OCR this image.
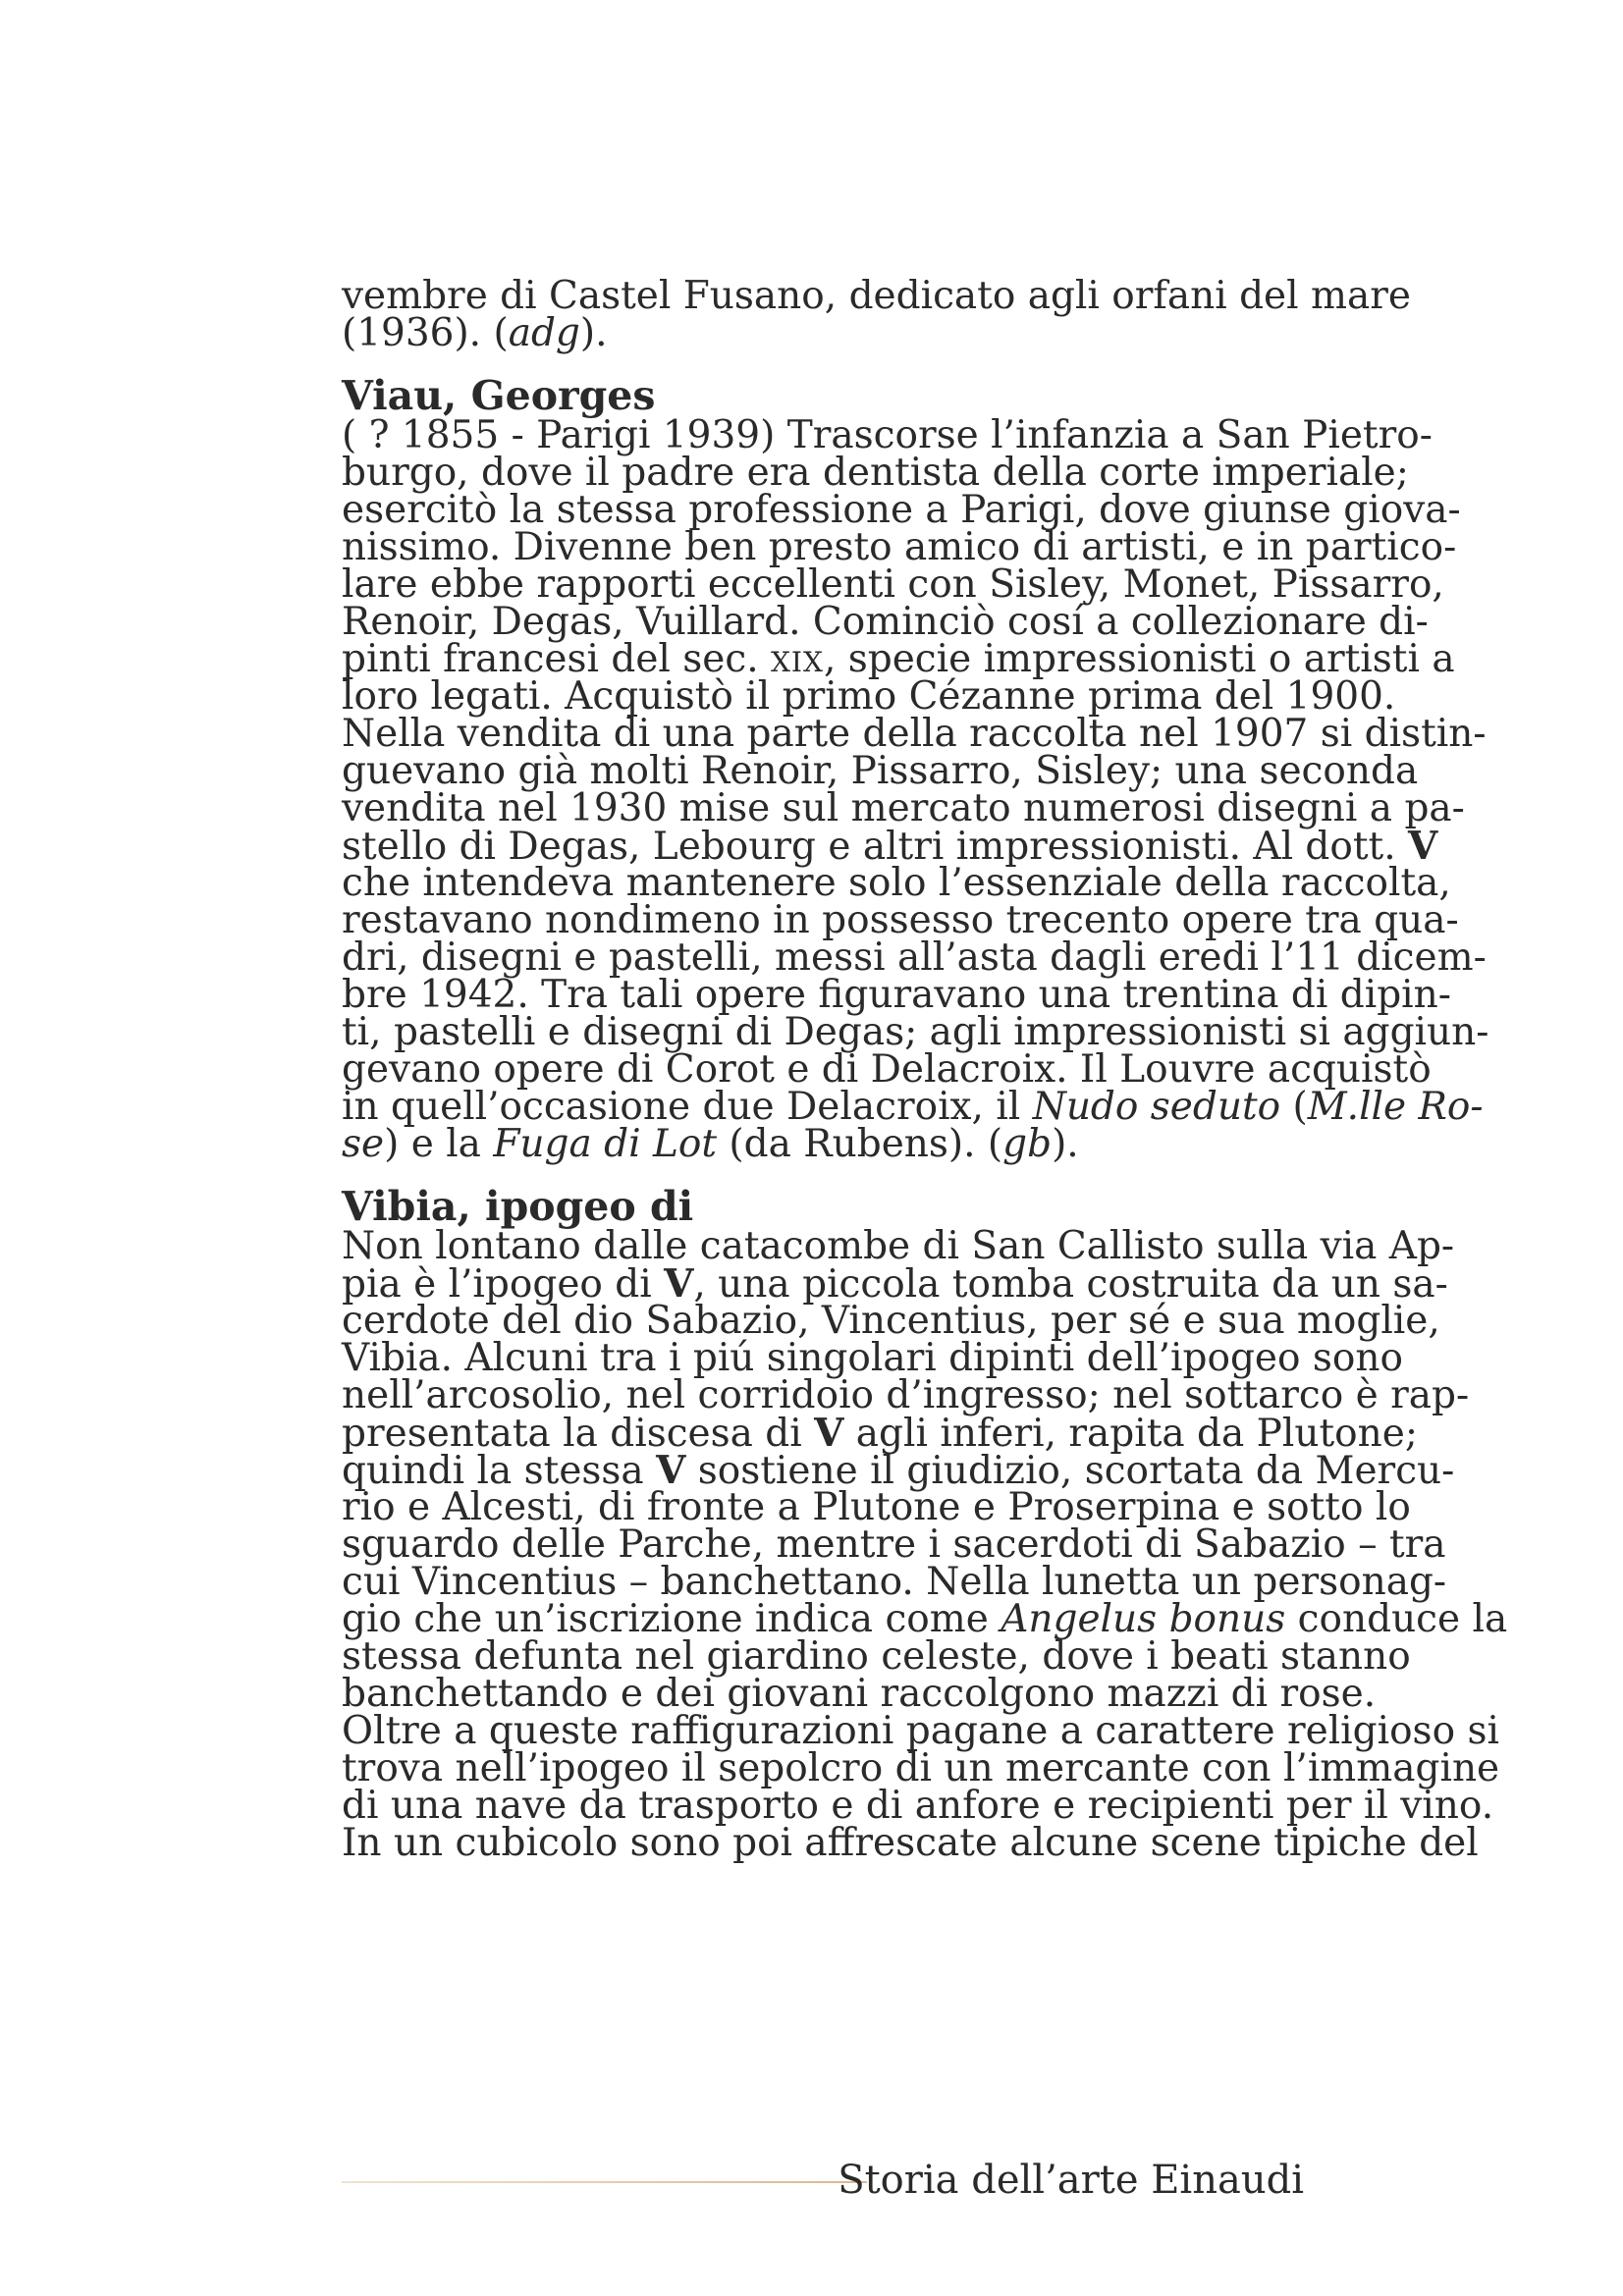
vembre di Castel Fusano, dedicato agli orfani del mare
(1936). (adg).
Viau, Georges
( ? 1855 - Parigi 1939) Trascorse l’infanzia a San Pietro-
burgo, dove il padre era dentista della corte imperiale;
esercitò la stessa professione a Parigi, dove giunse giova-
nissimo. Divenne ben presto amico di artisti, e in partico-
lare ebbe rapporti eccellenti con Sisley, Monet, Pissarro,
Renoir, Degas, Vuillard. Cominciò cosí a collezionare di-
pinti francesi del sec. XIX, specie impressionisti o artisti a
loro legati. Acquistò il primo Cézanne prima del 1900.
Nella vendita di una parte della raccolta nel 1907 si distin-
guevano già molti Renoir, Pissarro, Sisley; una seconda
vendita nel 1930 mise sul mercato numerosi disegni a pa-
stello di Degas, Lebourg e altri impressionisti. Al dott. V
che intendeva mantenere solo l’essenziale della raccolta,
restavano nondimeno in possesso trecento opere tra qua-
dri, disegni e pastelli, messi all’asta dagli eredi l’11 dicem-
bre 1942. Tra tali opere figuravano una trentina di dipin-
ti, pastelli e disegni di Degas; agli impressionisti si aggiun-
gevano opere di Corot e di Delacroix. Il Louvre acquistò
in quell’occasione due Delacroix, il Nudo seduto (M.lle Ro-
se) e la Fuga di Lot (da Rubens). (gb).
Vibia, ipogeo di
Non lontano dalle catacombe di San Callisto sulla via Ap-
pia è l’ipogeo di V, una piccola tomba costruita da un sa-
cerdote del dio Sabazio, Vincentius, per sé e sua moglie,
Vibia. Alcuni tra i piú singolari dipinti dell’ipogeo sono
nell’arcosolio, nel corridoio d’ingresso; nel sottarco è rap-
presentata la discesa di V agli inferi, rapita da Plutone;
quindi la stessa V sostiene il giudizio, scortata da Mercu-
rio e Alcesti, di fronte a Plutone e Proserpina e sotto lo
sguardo delle Parche, mentre i sacerdoti di Sabazio – tra
cui Vincentius – banchettano. Nella lunetta un personag-
gio che un’iscrizione indica come Angelus bonus conduce la
stessa defunta nel giardino celeste, dove i beati stanno
banchettando e dei giovani raccolgono mazzi di rose.
Oltre a queste raffigurazioni pagane a carattere religioso si
trova nell’ipogeo il sepolcro di un mercante con l’immagine
di una nave da trasporto e di anfore e recipienti per il vino.
In un cubicolo sono poi affrescate alcune scene tipiche del
Storia dell’arte Einaudi
